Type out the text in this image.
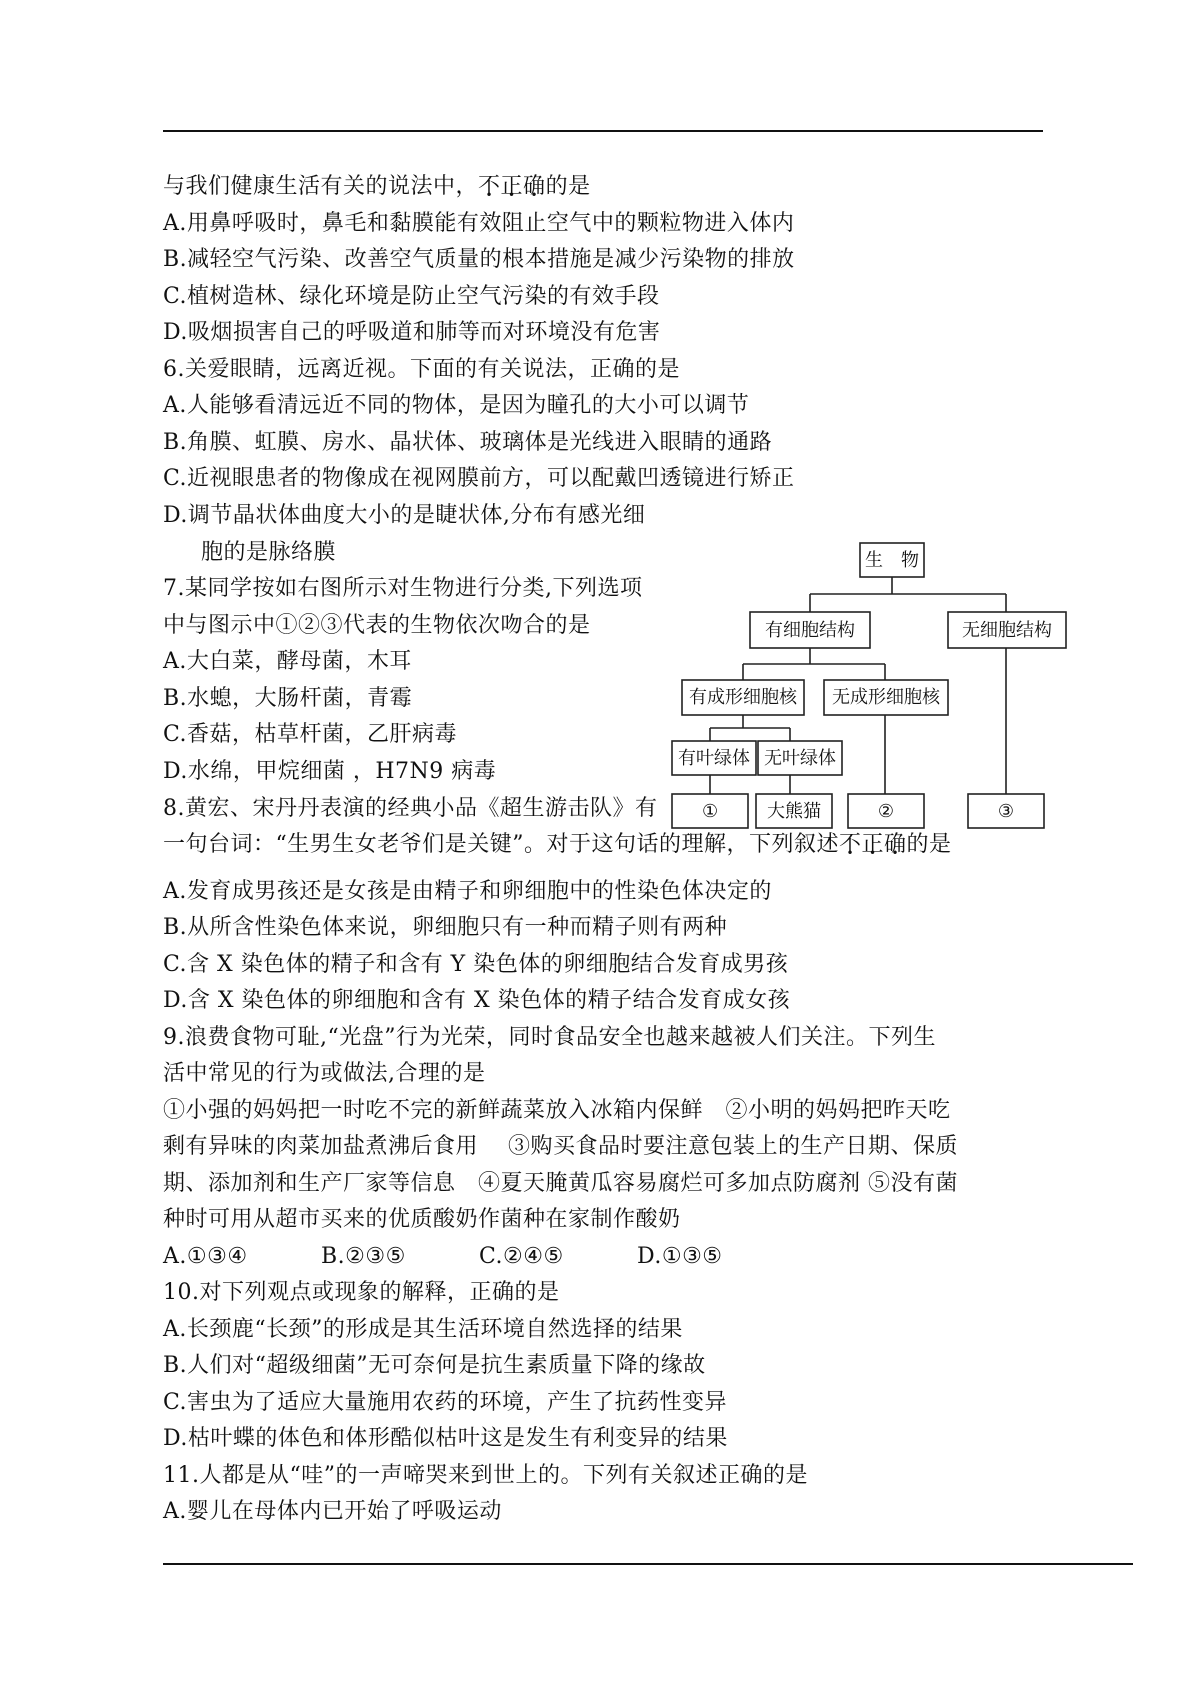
与我们健康生活有关的说法中，不正确的是
A.用鼻呼吸时，鼻毛和黏膜能有效阻止空气中的颗粒物进入体内
B.减轻空气污染、改善空气质量的根本措施是减少污染物的排放
C.植树造林、绿化环境是防止空气污染的有效手段
D.吸烟损害自己的呼吸道和肺等而对环境没有危害
6.关爱眼睛，远离近视。下面的有关说法，正确的是
A.人能够看清远近不同的物体，是因为瞳孔的大小可以调节
B.角膜、虹膜、房水、晶状体、玻璃体是光线进入眼睛的通路
C.近视眼患者的物像成在视网膜前方，可以配戴凹透镜进行矫正
D.调节晶状体曲度大小的是睫状体,分布有感光细
胞的是脉络膜
7.某同学按如右图所示对生物进行分类,下列选项
中与图示中①②③代表的生物依次吻合的是
A.大白菜，酵母菌，木耳
B.水螅，大肠杆菌，青霉
C.香菇，枯草杆菌，乙肝病毒
D.水绵，甲烷细菌 ，H7N9 病毒
生　物
有细胞结构	无细胞结构
有成形细胞核 无成形细胞核
有叶绿体 无叶绿体
①	大熊猫	②	③
8.黄宏、宋丹丹表演的经典小品《超生游击队》有
一句台词：“生男生女老爷们是关键”。对于这句话的理解，下列叙述不正确的是
A.发育成男孩还是女孩是由精子和卵细胞中的性染色体决定的
B.从所含性染色体来说，卵细胞只有一种而精子则有两种
C.含 X 染色体的精子和含有 Y 染色体的卵细胞结合发育成男孩
D.含 X 染色体的卵细胞和含有 X 染色体的精子结合发育成女孩
9.浪费食物可耻,“光盘”行为光荣，同时食品安全也越来越被人们关注。下列生
活中常见的行为或做法,合理的是
①小强的妈妈把一时吃不完的新鲜蔬菜放入冰箱内保鲜　②小明的妈妈把昨天吃
剩有异味的肉菜加盐煮沸后食用　 ③购买食品时要注意包装上的生产日期、保质
期、添加剂和生产厂家等信息　④夏天腌黄瓜容易腐烂可多加点防腐剂 ⑤没有菌
种时可用从超市买来的优质酸奶作菌种在家制作酸奶
A.①③④	B.②③⑤	C.②④⑤	D.①③⑤
10.对下列观点或现象的解释，正确的是
A.长颈鹿“长颈”的形成是其生活环境自然选择的结果
B.人们对“超级细菌”无可奈何是抗生素质量下降的缘故
C.害虫为了适应大量施用农药的环境，产生了抗药性变异
D.枯叶蝶的体色和体形酷似枯叶这是发生有利变异的结果
11.人都是从“哇”的一声啼哭来到世上的。下列有关叙述正确的是
A.婴儿在母体内已开始了呼吸运动
